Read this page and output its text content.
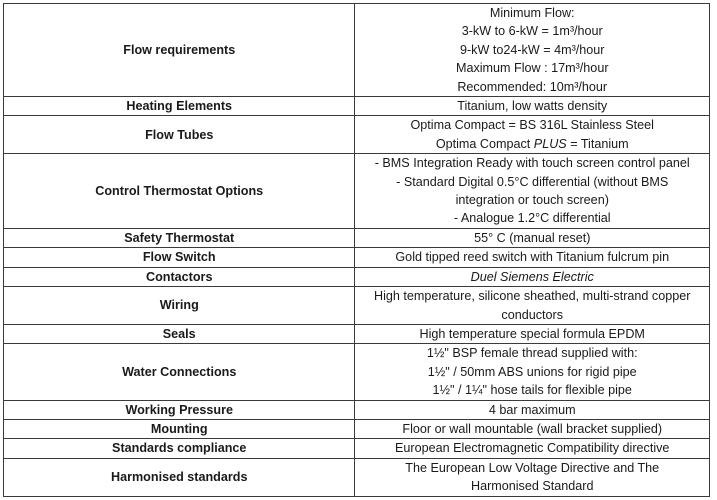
Flow requirements	Minimum Flow:
3-kW to 6-kW = 1m³/hour
9-kW to24-kW = 4m³/hour
Maximum Flow : 17m³/hour
Recommended: 10m³/hour

Heating Elements	Titanium, low watts density

Flow Tubes	Optima Compact = BS 316L Stainless Steel
Optima Compact PLUS = Titanium

Control Thermostat Options	- BMS Integration Ready with touch screen control panel
- Standard Digital 0.5°C differential (without BMS
integration or touch screen)
- Analogue 1.2°C differential

Safety Thermostat	55° C (manual reset)

Flow Switch	Gold tipped reed switch with Titanium fulcrum pin

Contactors	Duel Siemens Electric

Wiring	High temperature, silicone sheathed, multi-strand copper
conductors

Seals	High temperature special formula EPDM

Water Connections	1½" BSP female thread supplied with:
1½" / 50mm ABS unions for rigid pipe
1½" / 1¼" hose tails for flexible pipe

Working Pressure	4 bar maximum

Mounting	Floor or wall mountable (wall bracket supplied)

Standards compliance	European Electromagnetic Compatibility directive

Harmonised standards	The European Low Voltage Directive and The
Harmonised Standard
